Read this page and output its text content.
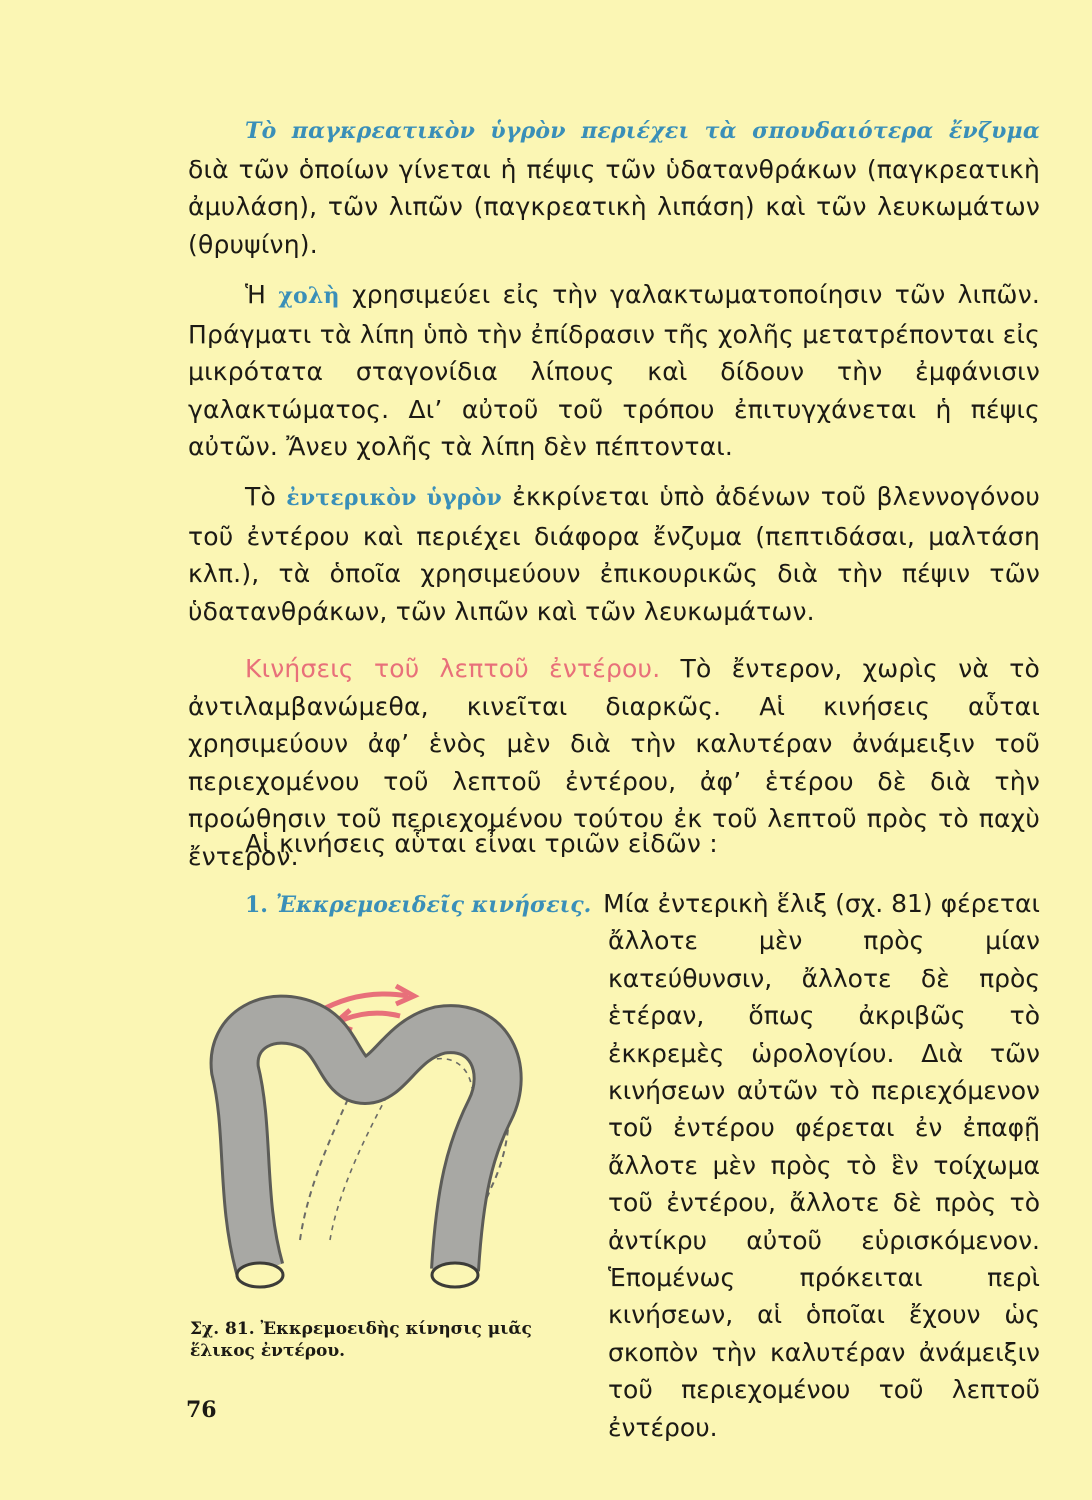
Τὸ παγκρεατικὸν ὑγρὸν περιέχει τὰ σπουδαιότερα ἔνζυμα διὰ τῶν ὁποίων γίνεται ἡ πέψις τῶν ὑδατανθράκων (παγκρεατικὴ ἀμυλάση), τῶν λιπῶν (παγκρεατικὴ λιπάση) καὶ τῶν λευκωμάτων (θρυψίνη).

Ἡ χολὴ χρησιμεύει εἰς τὴν γαλακτωματοποίησιν τῶν λιπῶν. Πράγματι τὰ λίπη ὑπὸ τὴν ἐπίδρασιν τῆς χολῆς μετατρέπονται εἰς μικρότατα σταγονίδια λίπους καὶ δίδουν τὴν ἐμφάνισιν γαλακτώματος. Δι’ αὐτοῦ τοῦ τρόπου ἐπιτυγχάνεται ἡ πέψις αὐτῶν. Ἄνευ χολῆς τὰ λίπη δὲν πέπτονται.

Τὸ ἐντερικὸν ὑγρὸν ἐκκρίνεται ὑπὸ ἀδένων τοῦ βλεννογόνου τοῦ ἐντέρου καὶ περιέχει διάφορα ἔνζυμα (πεπτιδάσαι, μαλτάση κλπ.), τὰ ὁποῖα χρησιμεύουν ἐπικουρικῶς διὰ τὴν πέψιν τῶν ὑδατανθράκων, τῶν λιπῶν καὶ τῶν λευκωμάτων.

Κινήσεις τοῦ λεπτοῦ ἐντέρου. Τὸ ἔντερον, χωρὶς νὰ τὸ ἀντιλαμβανώμεθα, κινεῖται διαρκῶς. Αἱ κινήσεις αὗται χρησιμεύουν ἀφ’ ἑνὸς μὲν διὰ τὴν καλυτέραν ἀνάμειξιν τοῦ περιεχομένου τοῦ λεπτοῦ ἐντέρου, ἀφ’ ἑτέρου δὲ διὰ τὴν προώθησιν τοῦ περιεχομένου τούτου ἐκ τοῦ λεπτοῦ πρὸς τὸ παχὺ ἔντερον.

Αἱ κινήσεις αὗται εἶναι τριῶν εἰδῶν :

1. Ἐκκρεμοειδεῖς κινήσεις. Μία ἐντερικὴ ἕλιξ (σχ. 81) φέρεται
ἄλλοτε μὲν πρὸς μίαν κατεύθυνσιν, ἄλλοτε δὲ πρὸς ἑτέραν, ὅπως ἀκριβῶς τὸ ἐκκρεμὲς ὡρολογίου. Διὰ τῶν κινήσεων αὐτῶν τὸ περιεχόμενον τοῦ ἐντέρου φέρεται ἐν ἐπαφῇ ἄλλοτε μὲν πρὸς τὸ ἓν τοίχωμα τοῦ ἐντέρου, ἄλλοτε δὲ πρὸς τὸ ἀντίκρυ αὐτοῦ εὑρισκόμενον. Ἑπομένως πρόκειται περὶ κινήσεων, αἱ ὁποῖαι ἔχουν ὡς σκοπὸν τὴν καλυτέραν ἀνάμειξιν τοῦ περιεχομένου τοῦ λεπτοῦ ἐντέρου.
Σχ. 81. Ἐκκρεμοειδὴς κίνησις μιᾶς ἕλικος ἐντέρου.
76
